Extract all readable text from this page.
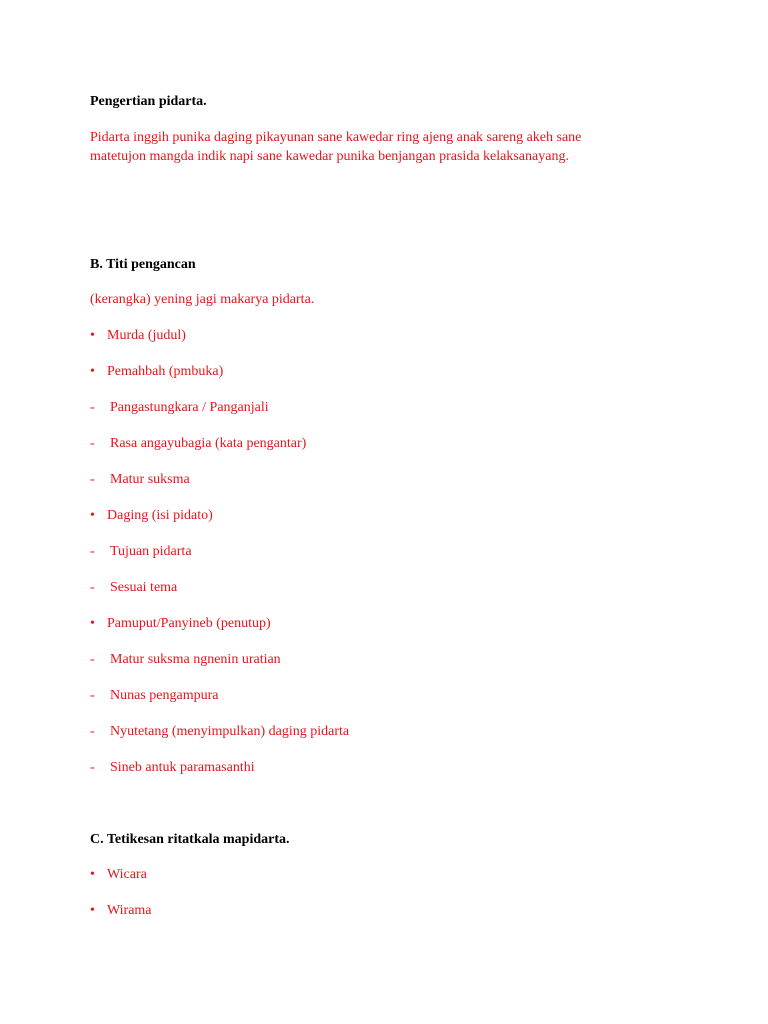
Pengertian pidarta.
Pidarta inggih punika daging pikayunan sane kawedar ring ajeng anak sareng akeh sane
matetujon mangda indik napi sane kawedar punika benjangan prasida kelaksanayang.
B. Titi pengancan
(kerangka) yening jagi makarya pidarta.
• Murda (judul)
• Pemahbah (pmbuka)
- Pangastungkara / Panganjali
- Rasa angayubagia (kata pengantar)
- Matur suksma
• Daging (isi pidato)
- Tujuan pidarta
- Sesuai tema
• Pamuput/Panyineb (penutup)
- Matur suksma ngnenin uratian
- Nunas pengampura
- Nyutetang (menyimpulkan) daging pidarta
- Sineb antuk paramasanthi
C. Tetikesan ritatkala mapidarta.
• Wicara
• Wirama
